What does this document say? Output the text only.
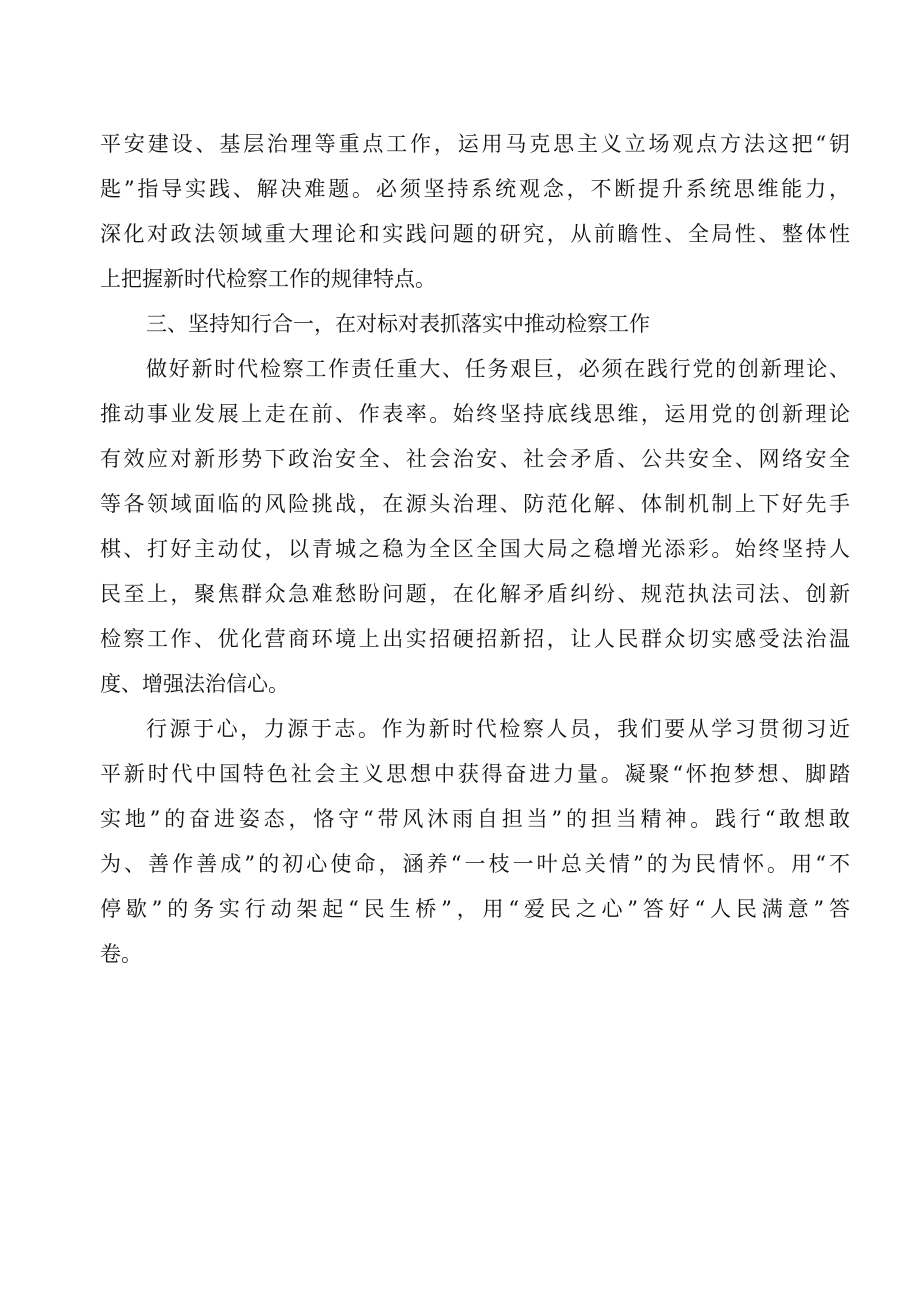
平安建设、基层治理等重点工作，运用马克思主义立场观点方法这把“钥
匙”指导实践、解决难题。必须坚持系统观念，不断提升系统思维能力，
深化对政法领域重大理论和实践问题的研究，从前瞻性、全局性、整体性
上把握新时代检察工作的规律特点。
三、坚持知行合一，在对标对表抓落实中推动检察工作
做好新时代检察工作责任重大、任务艰巨，必须在践行党的创新理论、
推动事业发展上走在前、作表率。始终坚持底线思维，运用党的创新理论
有效应对新形势下政治安全、社会治安、社会矛盾、公共安全、网络安全
等各领域面临的风险挑战，在源头治理、防范化解、体制机制上下好先手
棋、打好主动仗，以青城之稳为全区全国大局之稳增光添彩。始终坚持人
民至上，聚焦群众急难愁盼问题，在化解矛盾纠纷、规范执法司法、创新
检察工作、优化营商环境上出实招硬招新招，让人民群众切实感受法治温
度、增强法治信心。
行源于心，力源于志。作为新时代检察人员，我们要从学习贯彻习近
平新时代中国特色社会主义思想中获得奋进力量。凝聚“怀抱梦想、脚踏
实地”的奋进姿态，恪守“带风沐雨自担当”的担当精神。践行“敢想敢
为、善作善成”的初心使命，涵养“一枝一叶总关情”的为民情怀。用“不
停歇”的务实行动架起“民生桥”，用“爱民之心”答好“人民满意”答
卷。
